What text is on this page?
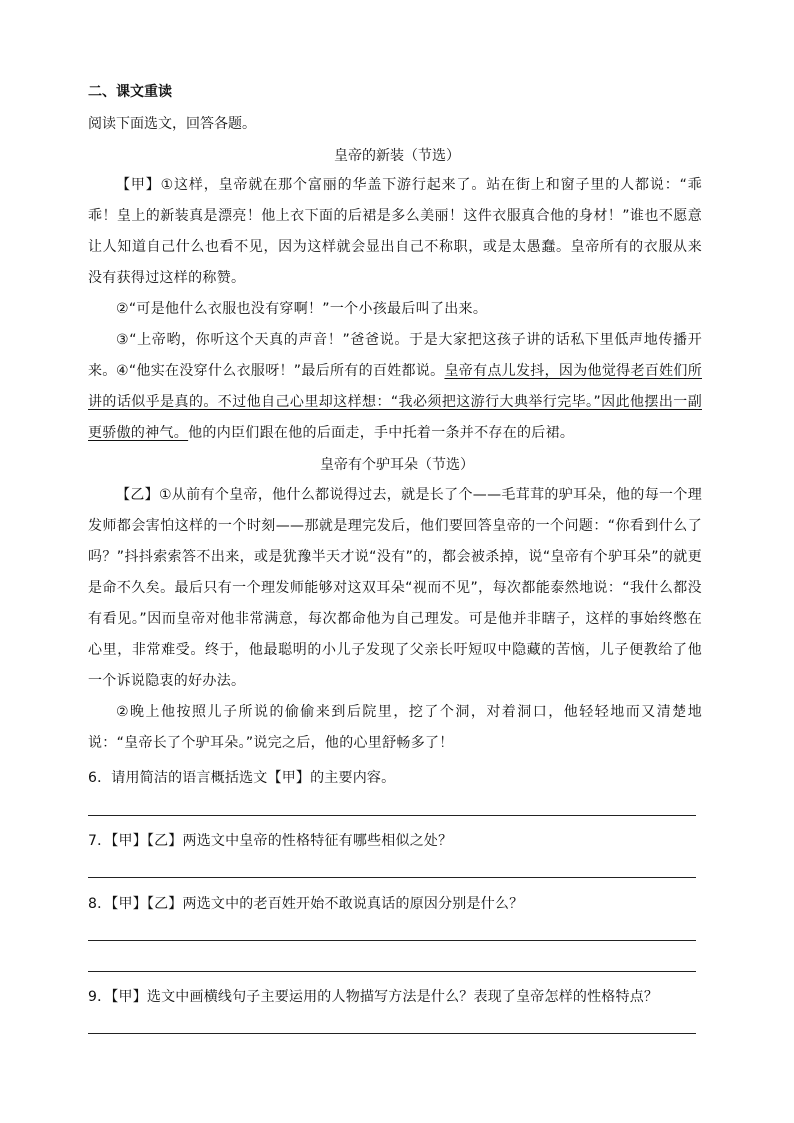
二、课文重读
阅读下面选文，回答各题。
皇帝的新装（节选）
【甲】①这样，皇帝就在那个富丽的华盖下游行起来了。站在街上和窗子里的人都说：“乖乖！皇上的新装真是漂亮！他上衣下面的后裙是多么美丽！这件衣服真合他的身材！”谁也不愿意让人知道自己什么也看不见，因为这样就会显出自己不称职，或是太愚蠢。皇帝所有的衣服从来没有获得过这样的称赞。
②“可是他什么衣服也没有穿啊！”一个小孩最后叫了出来。
③“上帝哟，你听这个天真的声音！”爸爸说。于是大家把这孩子讲的话私下里低声地传播开来。 ④“他实在没穿什么衣服呀！”最后所有的百姓都说。皇帝有点儿发抖，因为他觉得老百姓们所讲的话似乎是真的。不过他自己心里却这样想：“我必须把这游行大典举行完毕。”因此他摆出一副更骄傲的神气。他的内臣们跟在他的后面走，手中托着一条并不存在的后裙。
皇帝有个驴耳朵（节选）
【乙】①从前有个皇帝，他什么都说得过去，就是长了个——毛茸茸的驴耳朵，他的每一个理发师都会害怕这样的一个时刻——那就是理完发后，他们要回答皇帝的一个问题：“你看到什么了吗？”抖抖索索答不出来，或是犹豫半天才说“没有”的，都会被杀掉，说“皇帝有个驴耳朵”的就更是命不久矣。最后只有一个理发师能够对这双耳朵“视而不见”，每次都能泰然地说：“我什么都没有看见。”因而皇帝对他非常满意，每次都命他为自己理发。可是他并非瞎子，这样的事始终憋在心里，非常难受。终于，他最聪明的小儿子发现了父亲长吁短叹中隐藏的苦恼，儿子便教给了他一个诉说隐衷的好办法。
②晚上他按照儿子所说的偷偷来到后院里，挖了个洞，对着洞口，他轻轻地而又清楚地说：“皇帝长了个驴耳朵。”说完之后，他的心里舒畅多了！
6．请用简洁的语言概括选文【甲】的主要内容。
7．【甲】【乙】两选文中皇帝的性格特征有哪些相似之处？
8．【甲】【乙】两选文中的老百姓开始不敢说真话的原因分别是什么？
9．【甲】选文中画横线句子主要运用的人物描写方法是什么？表现了皇帝怎样的性格特点？
